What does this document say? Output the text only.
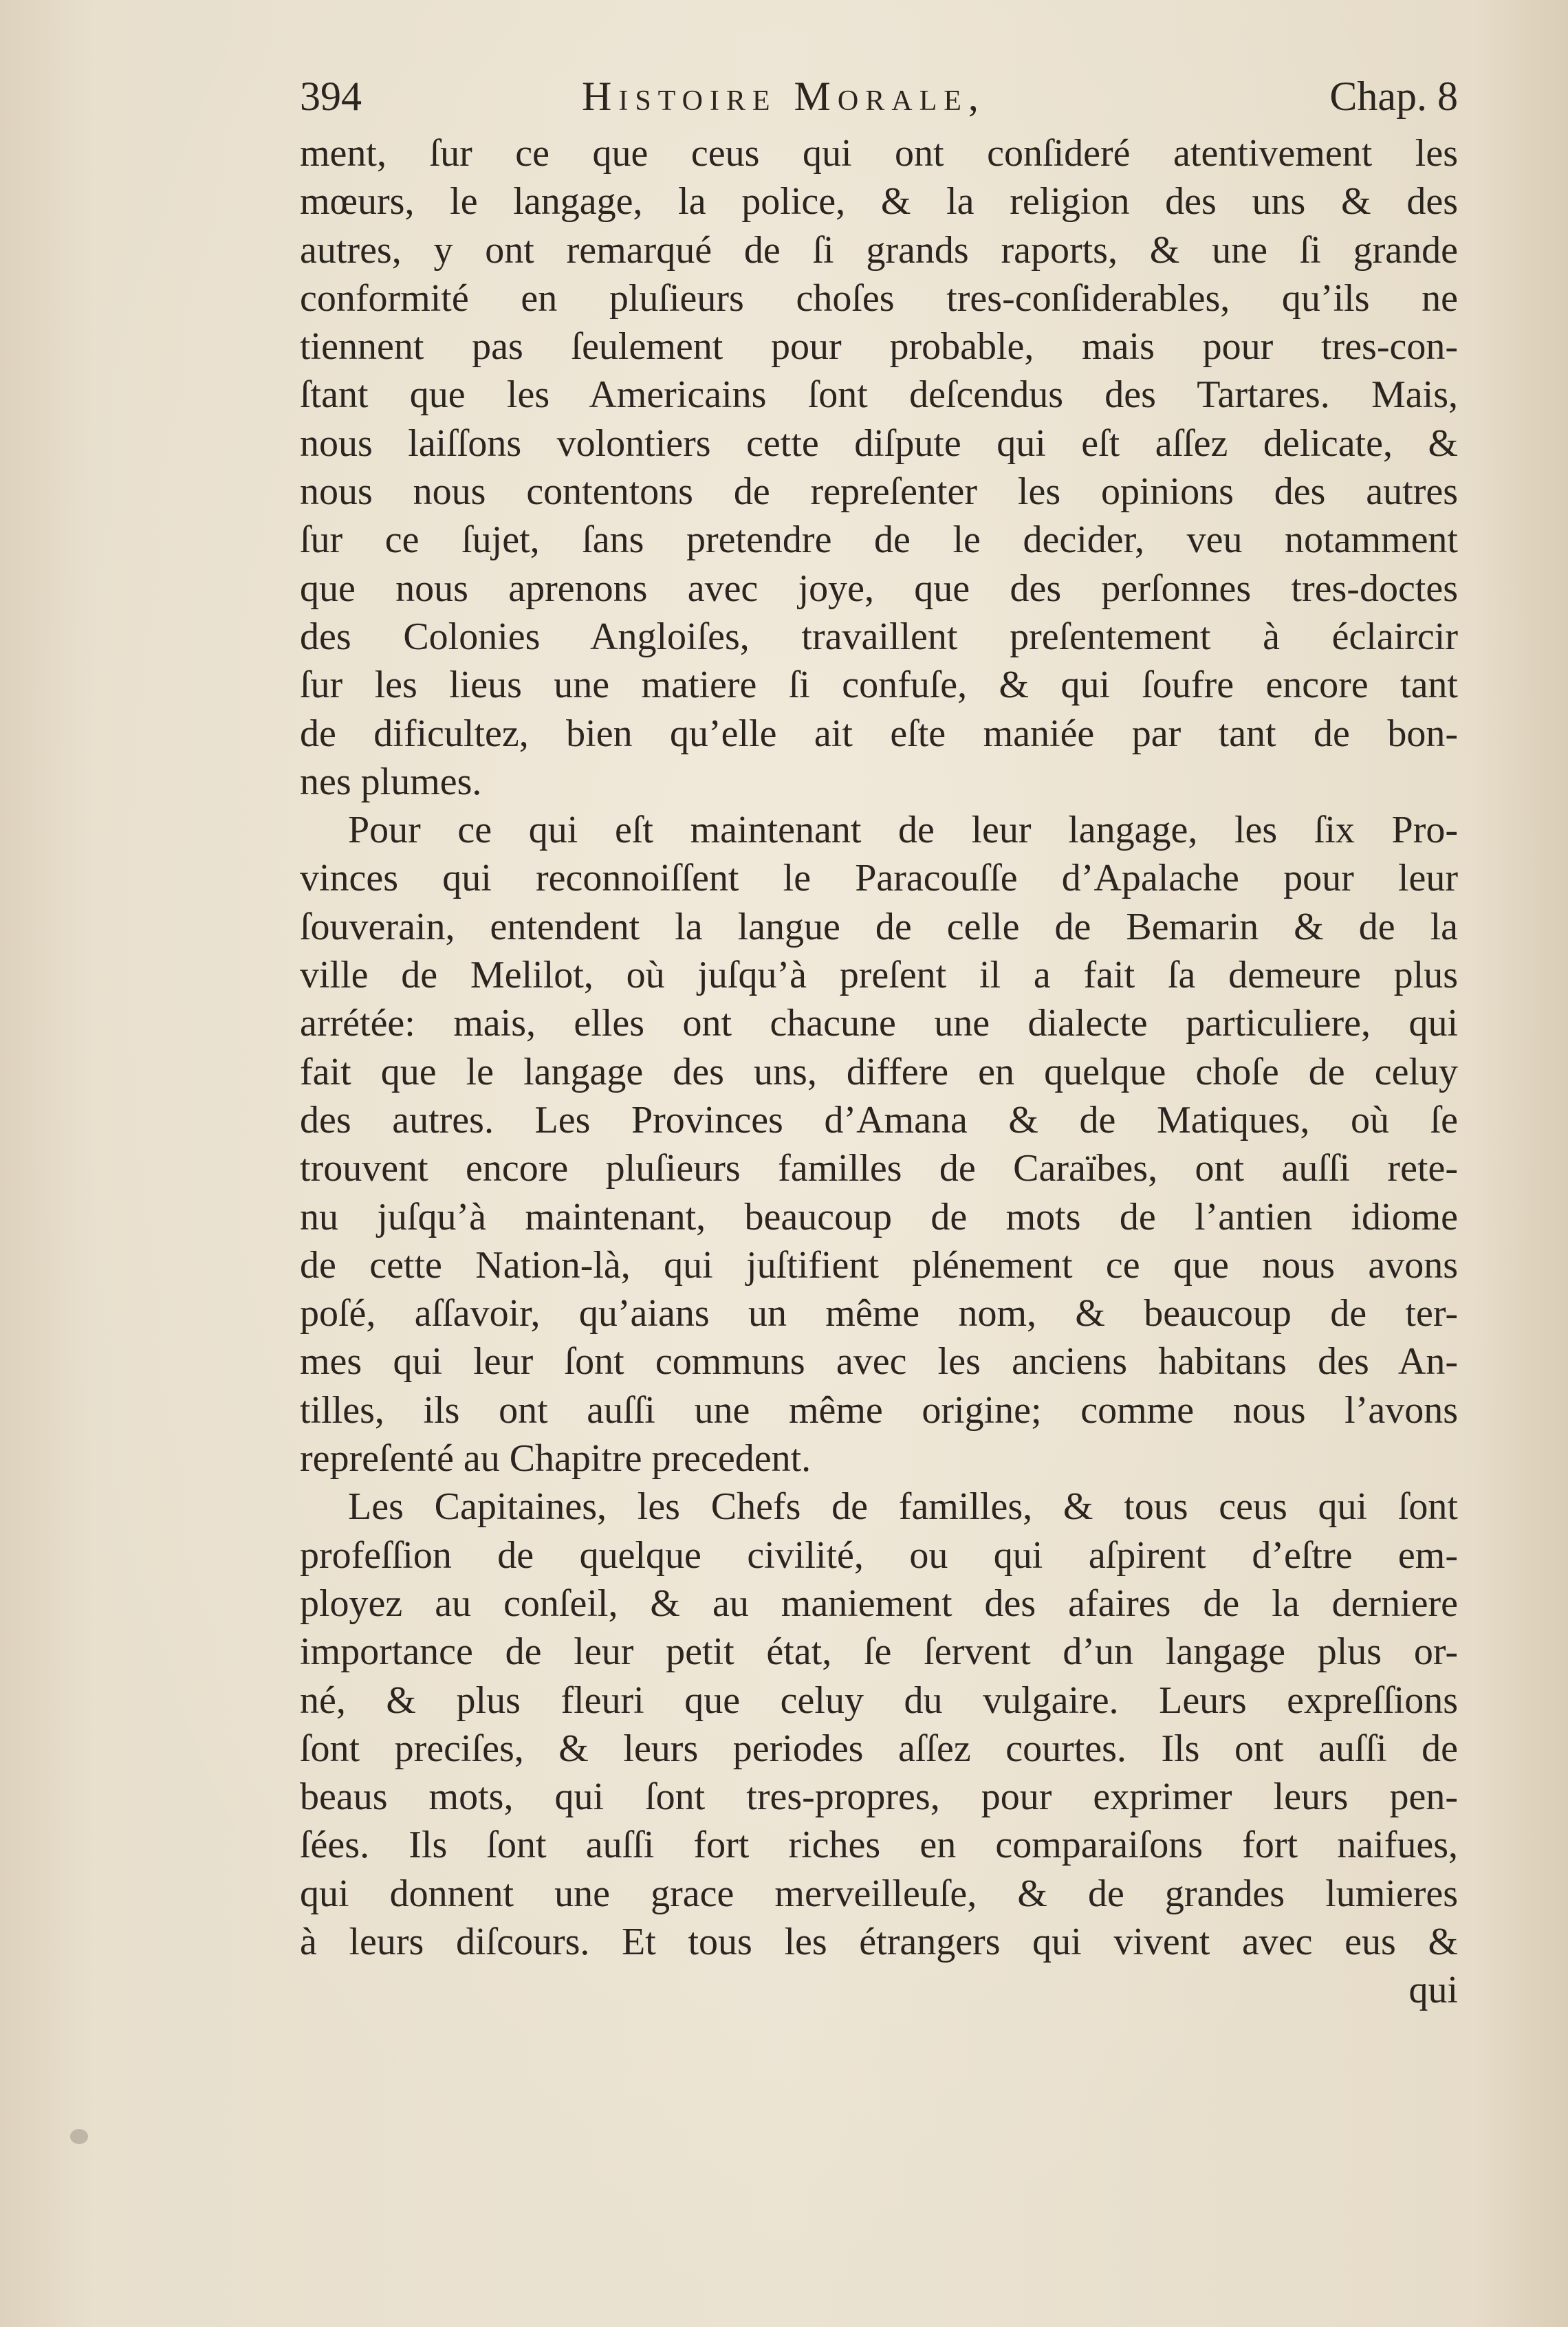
394	Histoire Morale,	Chap. 8
ment, ſur ce que ceus qui ont conſideré atentivement les
mœurs, le langage, la police, & la religion des uns & des
autres, y ont remarqué de ſi grands raports, & une ſi grande
conformité en pluſieurs choſes tres-conſiderables, qu’ils ne
tiennent pas ſeulement pour probable, mais pour tres-con-
ſtant que les Americains ſont deſcendus des Tartares. Mais,
nous laiſſons volontiers cette diſpute qui eſt aſſez delicate, &
nous nous contentons de repreſenter les opinions des autres
ſur ce ſujet, ſans pretendre de le decider, veu notamment
que nous aprenons avec joye, que des perſonnes tres-doctes
des Colonies Angloiſes, travaillent preſentement à éclaircir
ſur les lieus une matiere ſi confuſe, & qui ſoufre encore tant
de dificultez, bien qu’elle ait eſte maniée par tant de bon-
nes plumes.
Pour ce qui eſt maintenant de leur langage, les ſix Pro-
vinces qui reconnoiſſent le Paracouſſe d’Apalache pour leur
ſouverain, entendent la langue de celle de Bemarin & de la
ville de Melilot, où juſqu’à preſent il a fait ſa demeure plus
arrétée: mais, elles ont chacune une dialecte particuliere, qui
fait que le langage des uns, differe en quelque choſe de celuy
des autres. Les Provinces d’Amana & de Matiques, où ſe
trouvent encore pluſieurs familles de Caraïbes, ont auſſi rete-
nu juſqu’à maintenant, beaucoup de mots de l’antien idiome
de cette Nation-là, qui juſtifient plénement ce que nous avons
poſé, aſſavoir, qu’aians un même nom, & beaucoup de ter-
mes qui leur ſont communs avec les anciens habitans des An-
tilles, ils ont auſſi une même origine; comme nous l’avons
repreſenté au Chapitre precedent.
Les Capitaines, les Chefs de familles, & tous ceus qui ſont
profeſſion de quelque civilité, ou qui aſpirent d’eſtre em-
ployez au conſeil, & au maniement des afaires de la derniere
importance de leur petit état, ſe ſervent d’un langage plus or-
né, & plus fleuri que celuy du vulgaire. Leurs expreſſions
ſont preciſes, & leurs periodes aſſez courtes. Ils ont auſſi de
beaus mots, qui ſont tres-propres, pour exprimer leurs pen-
ſées. Ils ſont auſſi fort riches en comparaiſons fort naifues,
qui donnent une grace merveilleuſe, & de grandes lumieres
à leurs diſcours. Et tous les étrangers qui vivent avec eus &
qui
